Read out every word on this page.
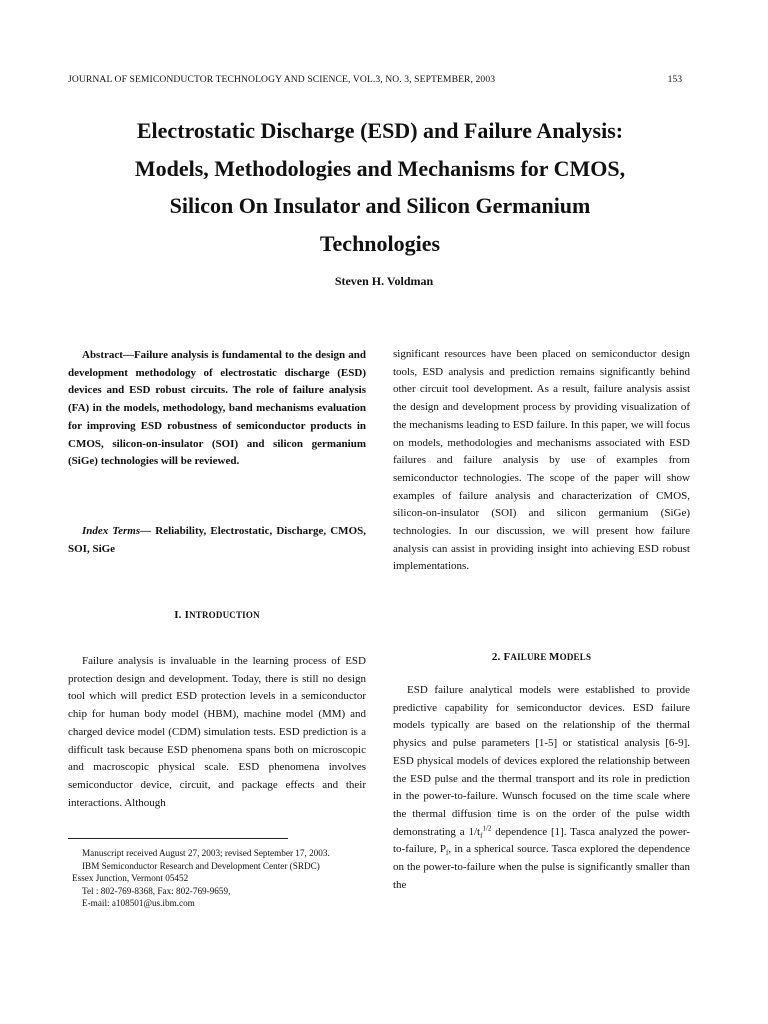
JOURNAL OF SEMICONDUCTOR TECHNOLOGY AND SCIENCE, VOL.3, NO. 3, SEPTEMBER, 2003	153
Electrostatic Discharge (ESD) and Failure Analysis:
Models, Methodologies and Mechanisms for CMOS,
Silicon On Insulator and Silicon Germanium
Technologies
Steven H. Voldman

Abstract—Failure analysis is fundamental to the design and development methodology of electrostatic discharge (ESD) devices and ESD robust circuits. The role of failure analysis (FA) in the models, methodology, band mechanisms evaluation for improving ESD robustness of semiconductor products in CMOS, silicon-on-insulator (SOI) and silicon germanium (SiGe) technologies will be reviewed.

Index Terms— Reliability, Electrostatic, Discharge, CMOS, SOI, SiGe

I. INTRODUCTION

Failure analysis is invaluable in the learning process of ESD protection design and development. Today, there is still no design tool which will predict ESD protection levels in a semiconductor chip for human body model (HBM), machine model (MM) and charged device model (CDM) simulation tests. ESD prediction is a difficult task because ESD phenomena spans both on microscopic and macroscopic physical scale. ESD phenomena involves semiconductor device, circuit, and package effects and their interactions. Although

Manuscript received August 27, 2003; revised September 17, 2003.
IBM Semiconductor Research and Development Center (SRDC)
Essex Junction, Vermont 05452
Tel : 802-769-8368, Fax: 802-769-9659,
E-mail: a108501@us.ibm.com

significant resources have been placed on semiconductor design tools, ESD analysis and prediction remains significantly behind other circuit tool development. As a result, failure analysis assist the design and development process by providing visualization of the mechanisms leading to ESD failure. In this paper, we will focus on models, methodologies and mechanisms associated with ESD failures and failure analysis by use of examples from semiconductor technologies. The scope of the paper will show examples of failure analysis and characterization of CMOS, silicon-on-insulator (SOI) and silicon germanium (SiGe) technologies. In our discussion, we will present how failure analysis can assist in providing insight into achieving ESD robust implementations.

2. FAILURE MODELS

ESD failure analytical models were established to provide predictive capability for semiconductor devices. ESD failure models typically are based on the relationship of the thermal physics and pulse parameters [1-5] or statistical analysis [6-9]. ESD physical models of devices explored the relationship between the ESD pulse and the thermal transport and its role in prediction in the power-to-failure. Wunsch focused on the time scale where the thermal diffusion time is on the order of the pulse width demonstrating a $1/t_f^{1/2}$ dependence [1]. Tasca analyzed the power-to-failure, $P_f$, in a spherical source. Tasca explored the dependence on the power-to-failure when the pulse is significantly smaller than the
